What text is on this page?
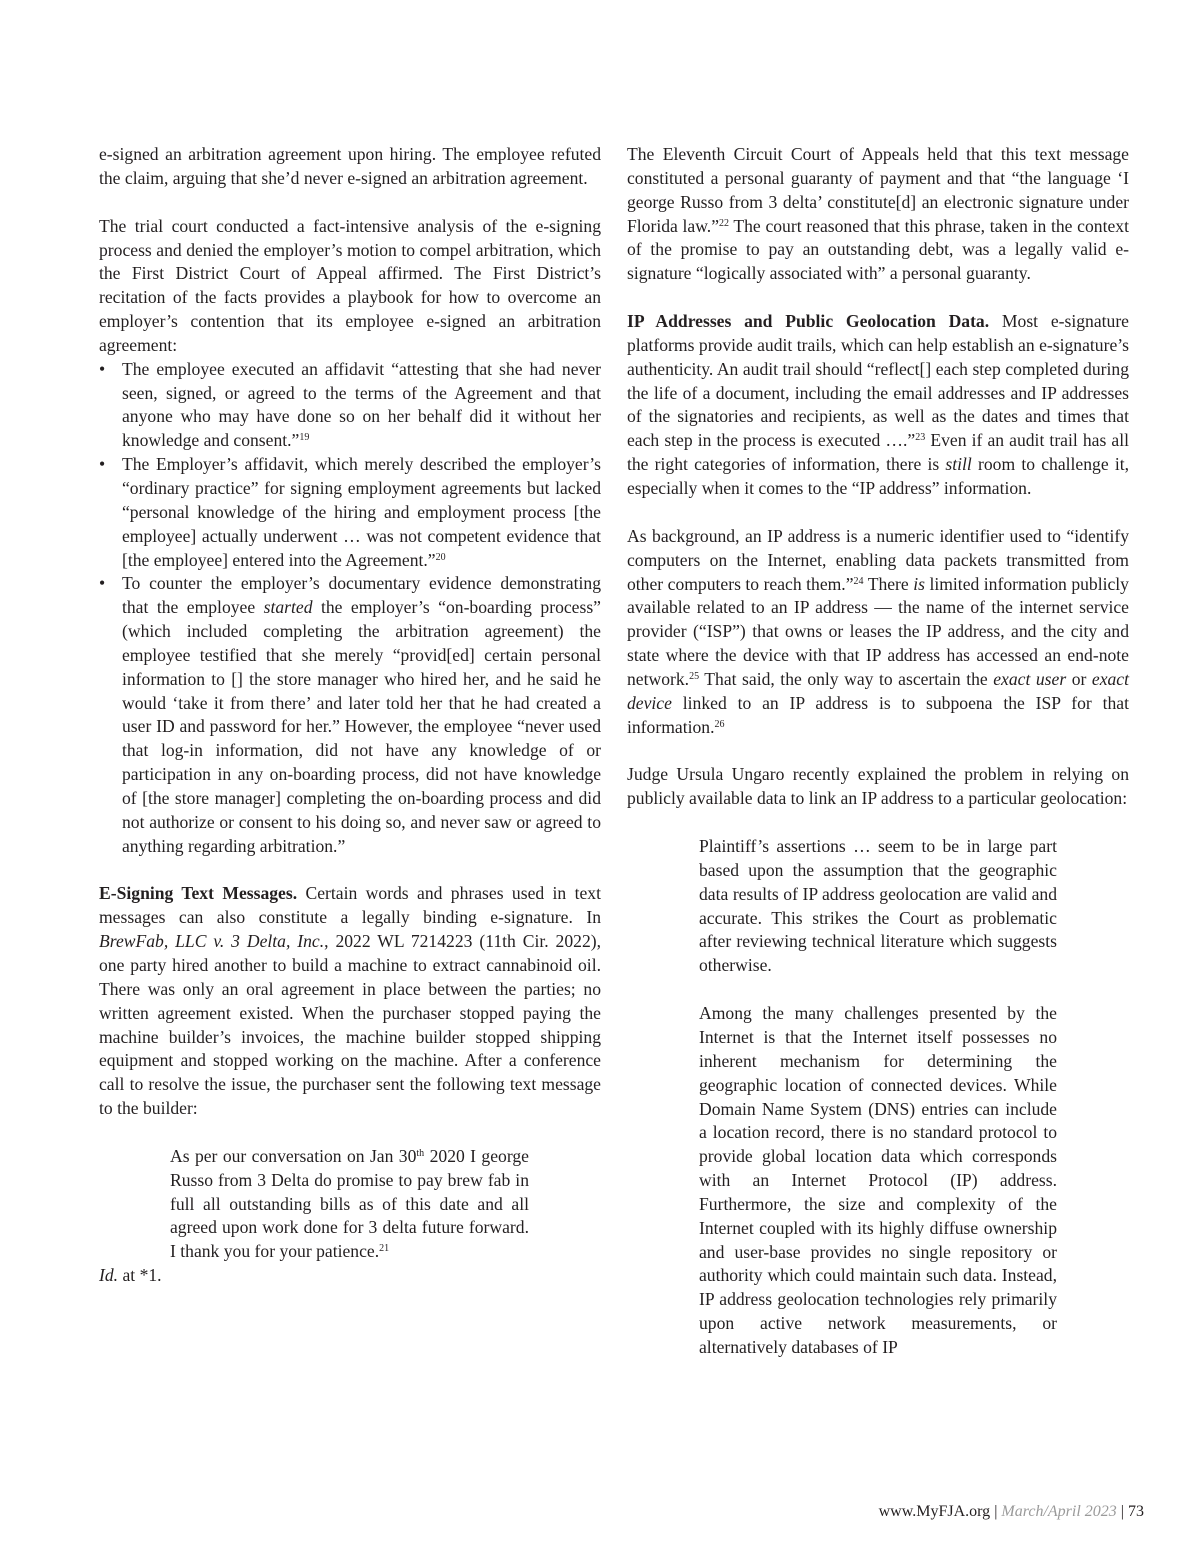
e-signed an arbitration agreement upon hiring. The employee refuted the claim, arguing that she’d never e-signed an arbitration agreement.

The trial court conducted a fact-intensive analysis of the e-signing process and denied the employer’s motion to compel arbitration, which the First District Court of Appeal affirmed. The First District’s recitation of the facts provides a playbook for how to overcome an employer’s contention that its employee e-signed an arbitration agreement:

• The employee executed an affidavit “attesting that she had never seen, signed, or agreed to the terms of the Agreement and that anyone who may have done so on her behalf did it without her knowledge and consent.”$^{19}$
• The Employer’s affidavit, which merely described the employer’s “ordinary practice” for signing employment agreements but lacked “personal knowledge of the hiring and employment process [the employee] actually underwent … was not competent evidence that [the employee] entered into the Agreement.”$^{20}$
• To counter the employer’s documentary evidence demonstrating that the employee started the employer’s “on-boarding process” (which included completing the arbitration agreement) the employee testified that she merely “provid[ed] certain personal information to [] the store manager who hired her, and he said he would ‘take it from there’ and later told her that he had created a user ID and password for her.” However, the employee “never used that log-in information, did not have any knowledge of or participation in any on-boarding process, did not have knowledge of [the store manager] completing the on-boarding process and did not authorize or consent to his doing so, and never saw or agreed to anything regarding arbitration.”

E-Signing Text Messages. Certain words and phrases used in text messages can also constitute a legally binding e-signature. In BrewFab, LLC v. 3 Delta, Inc., 2022 WL 7214223 (11th Cir. 2022), one party hired another to build a machine to extract cannabinoid oil. There was only an oral agreement in place between the parties; no written agreement existed. When the purchaser stopped paying the machine builder’s invoices, the machine builder stopped shipping equipment and stopped working on the machine. After a conference call to resolve the issue, the purchaser sent the following text message to the builder:

As per our conversation on Jan 30th 2020 I george Russo from 3 Delta do promise to pay brew fab in full all outstanding bills as of this date and all agreed upon work done for 3 delta future forward. I thank you for your patience.$^{21}$

Id. at *1.

The Eleventh Circuit Court of Appeals held that this text message constituted a personal guaranty of payment and that “the language ‘I george Russo from 3 delta’ constitute[d] an electronic signature under Florida law.”$^{22}$ The court reasoned that this phrase, taken in the context of the promise to pay an outstanding debt, was a legally valid e-signature “logically associated with” a personal guaranty.

IP Addresses and Public Geolocation Data. Most e-signature platforms provide audit trails, which can help establish an e-signature’s authenticity. An audit trail should “reflect[] each step completed during the life of a document, including the email addresses and IP addresses of the signatories and recipients, as well as the dates and times that each step in the process is executed ….”$^{23}$ Even if an audit trail has all the right categories of information, there is still room to challenge it, especially when it comes to the “IP address” information.

As background, an IP address is a numeric identifier used to “identify computers on the Internet, enabling data packets transmitted from other computers to reach them.”$^{24}$ There is limited information publicly available related to an IP address — the name of the internet service provider (“ISP”) that owns or leases the IP address, and the city and state where the device with that IP address has accessed an end-note network.$^{25}$ That said, the only way to ascertain the exact user or exact device linked to an IP address is to subpoena the ISP for that information.$^{26}$

Judge Ursula Ungaro recently explained the problem in relying on publicly available data to link an IP address to a particular geolocation:

Plaintiff’s assertions … seem to be in large part based upon the assumption that the geographic data results of IP address geolocation are valid and accurate. This strikes the Court as problematic after reviewing technical literature which suggests otherwise.

Among the many challenges presented by the Internet is that the Internet itself possesses no inherent mechanism for determining the geographic location of connected devices. While Domain Name System (DNS) entries can include a location record, there is no standard protocol to provide global location data which corresponds with an Internet Protocol (IP) address. Furthermore, the size and complexity of the Internet coupled with its highly diffuse ownership and user-base provides no single repository or authority which could maintain such data. Instead, IP address geolocation technologies rely primarily upon active network measurements, or alternatively databases of IP

www.MyFJA.org | March/April 2023 | 73
